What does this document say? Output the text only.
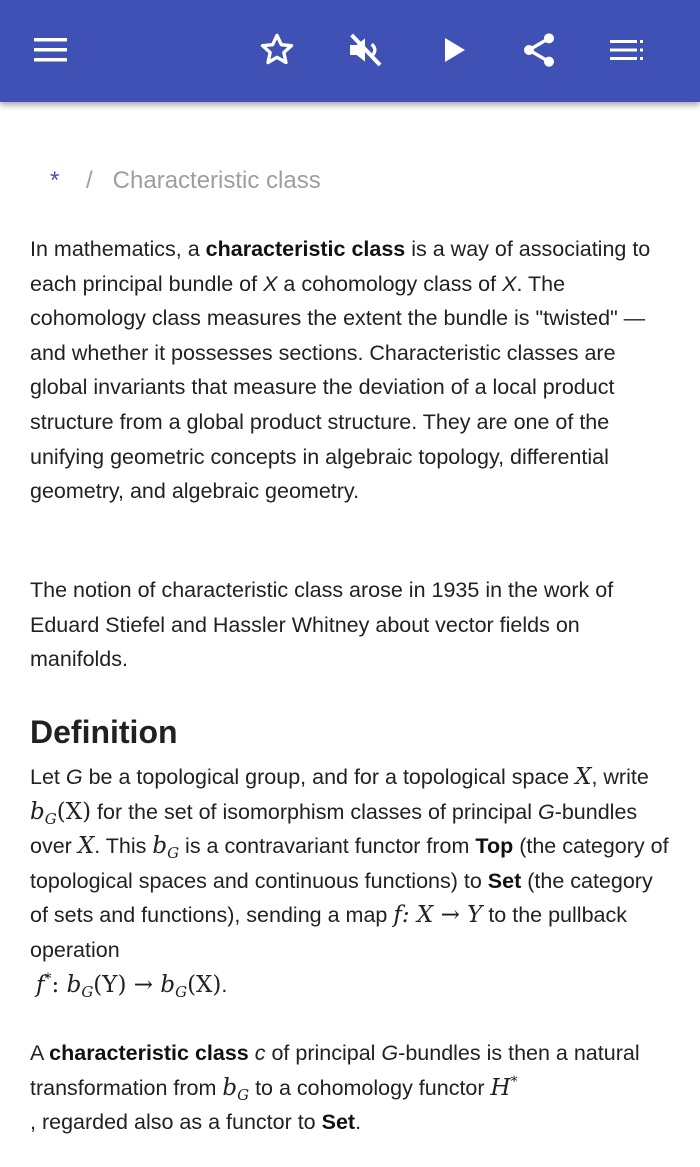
*	/ Characteristic class

In mathematics, a characteristic class is a way of associating to each principal bundle of X a cohomology class of X. The cohomology class measures the extent the bundle is "twisted" — and whether it possesses sections. Characteristic classes are global invariants that measure the deviation of a local product structure from a global product structure. They are one of the unifying geometric concepts in algebraic topology, differential geometry, and algebraic geometry.

The notion of characteristic class arose in 1935 in the work of Eduard Stiefel and Hassler Whitney about vector fields on manifolds.

Definition

Let G be a topological group, and for a topological space X, write $b_G(X)$ for the set of isomorphism classes of principal G-bundles over X. This $b_G$ is a contravariant functor from Top (the category of topological spaces and continuous functions) to Set (the category of sets and functions), sending a map f: X → Y to the pullback operation
f*: $b_G(Y) \to b_G(X)$.

A characteristic class c of principal G-bundles is then a natural transformation from $b_G$ to a cohomology functor H*
, regarded also as a functor to Set.
